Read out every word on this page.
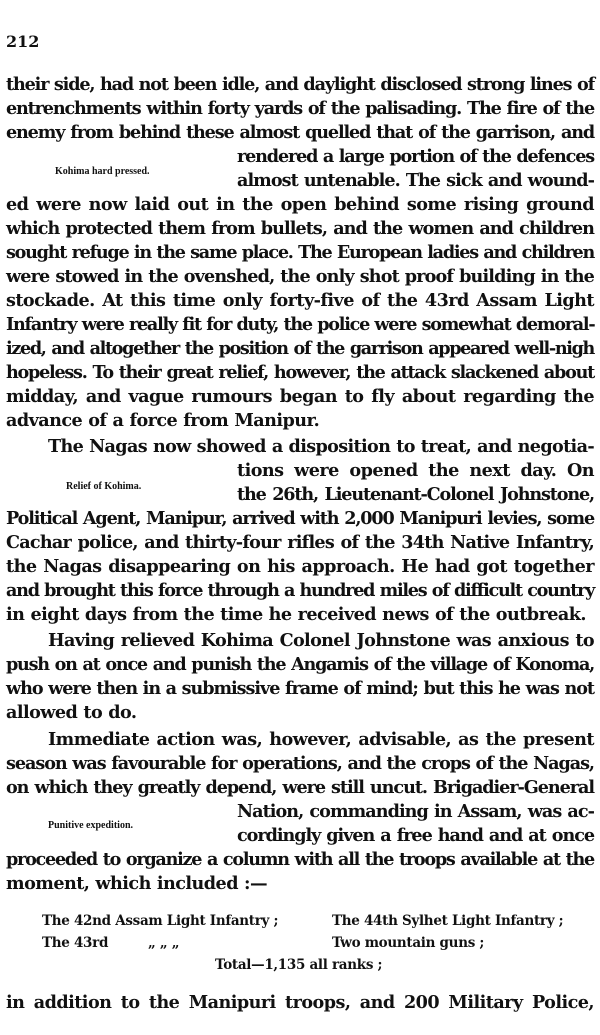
212
their side, had not been idle, and daylight disclosed strong lines of
entrenchments within forty yards of the palisading. The fire of the
enemy from behind these almost quelled that of the garrison, and
Kohima hard pressed.
rendered a large portion of the defences
almost untenable. The sick and wound-
ed were now laid out in the open behind some rising ground
which protected them from bullets, and the women and children
sought refuge in the same place. The European ladies and children
were stowed in the ovenshed, the only shot proof building in the
stockade. At this time only forty-five of the 43rd Assam Light
Infantry were really fit for duty, the police were somewhat demoral-
ized, and altogether the position of the garrison appeared well-nigh
hopeless. To their great relief, however, the attack slackened about
midday, and vague rumours began to fly about regarding the
advance of a force from Manipur.
The Nagas now showed a disposition to treat, and negotia-
tions were opened the next day. On
Relief of Kohima.	the 26th, Lieutenant-Colonel Johnstone,
Political Agent, Manipur, arrived with 2,000 Manipuri levies, some
Cachar police, and thirty-four rifles of the 34th Native Infantry,
the Nagas disappearing on his approach. He had got together
and brought this force through a hundred miles of difficult country
in eight days from the time he received news of the outbreak.
Having relieved Kohima Colonel Johnstone was anxious to
push on at once and punish the Angamis of the village of Konoma,
who were then in a submissive frame of mind; but this he was not
allowed to do.
Immediate action was, however, advisable, as the present
season was favourable for operations, and the crops of the Nagas,
on which they greatly depend, were still uncut. Brigadier-General
Nation, commanding in Assam, was ac-
Punitive expedition.	cordingly given a free hand and at once
proceeded to organize a column with all the troops available at the
moment, which included :—
The 42nd Assam Light Infantry ;	The 44th Sylhet Light Infantry ;
The 43rd	„ „ „	Two mountain guns ;
Total—1,135 all ranks ;
in addition to the Manipuri troops, and 200 Military Police,
